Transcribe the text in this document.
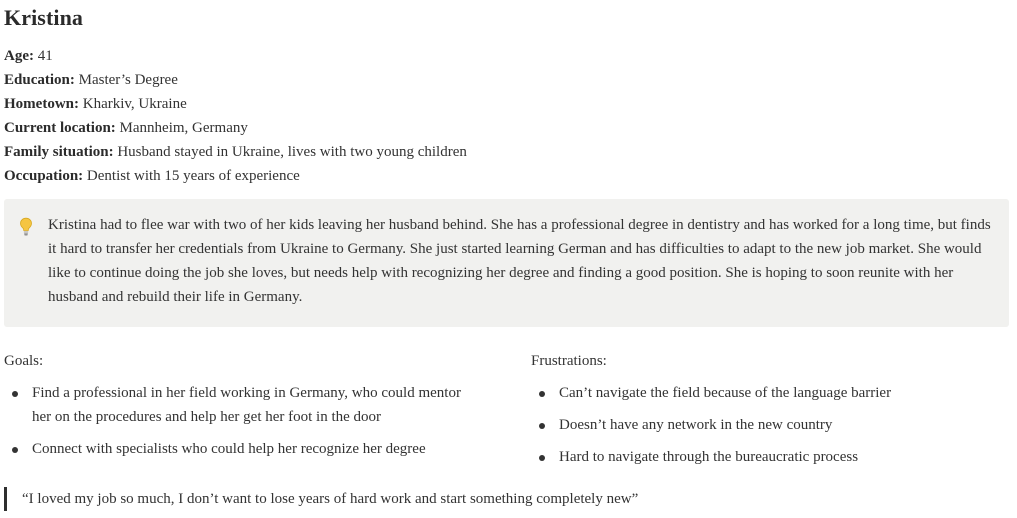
Kristina
Age: 41
Education: Master’s Degree
Hometown: Kharkiv, Ukraine
Current location: Mannheim, Germany
Family situation: Husband stayed in Ukraine, lives with two young children
Occupation: Dentist with 15 years of experience
Kristina had to flee war with two of her kids leaving her husband behind. She has a professional degree in dentistry and has worked for a long time, but finds it hard to transfer her credentials from Ukraine to Germany. She just started learning German and has difficulties to adapt to the new job market. She would like to continue doing the job she loves, but needs help with recognizing her degree and finding a good position. She is hoping to soon reunite with her husband and rebuild their life in Germany.
Goals:
Find a professional in her field working in Germany, who could mentor her on the procedures and help her get her foot in the door
Connect with specialists who could help her recognize her degree
Frustrations:
Can’t navigate the field because of the language barrier
Doesn’t have any network in the new country
Hard to navigate through the bureaucratic process
“I loved my job so much, I don’t want to lose years of hard work and start something completely new”
